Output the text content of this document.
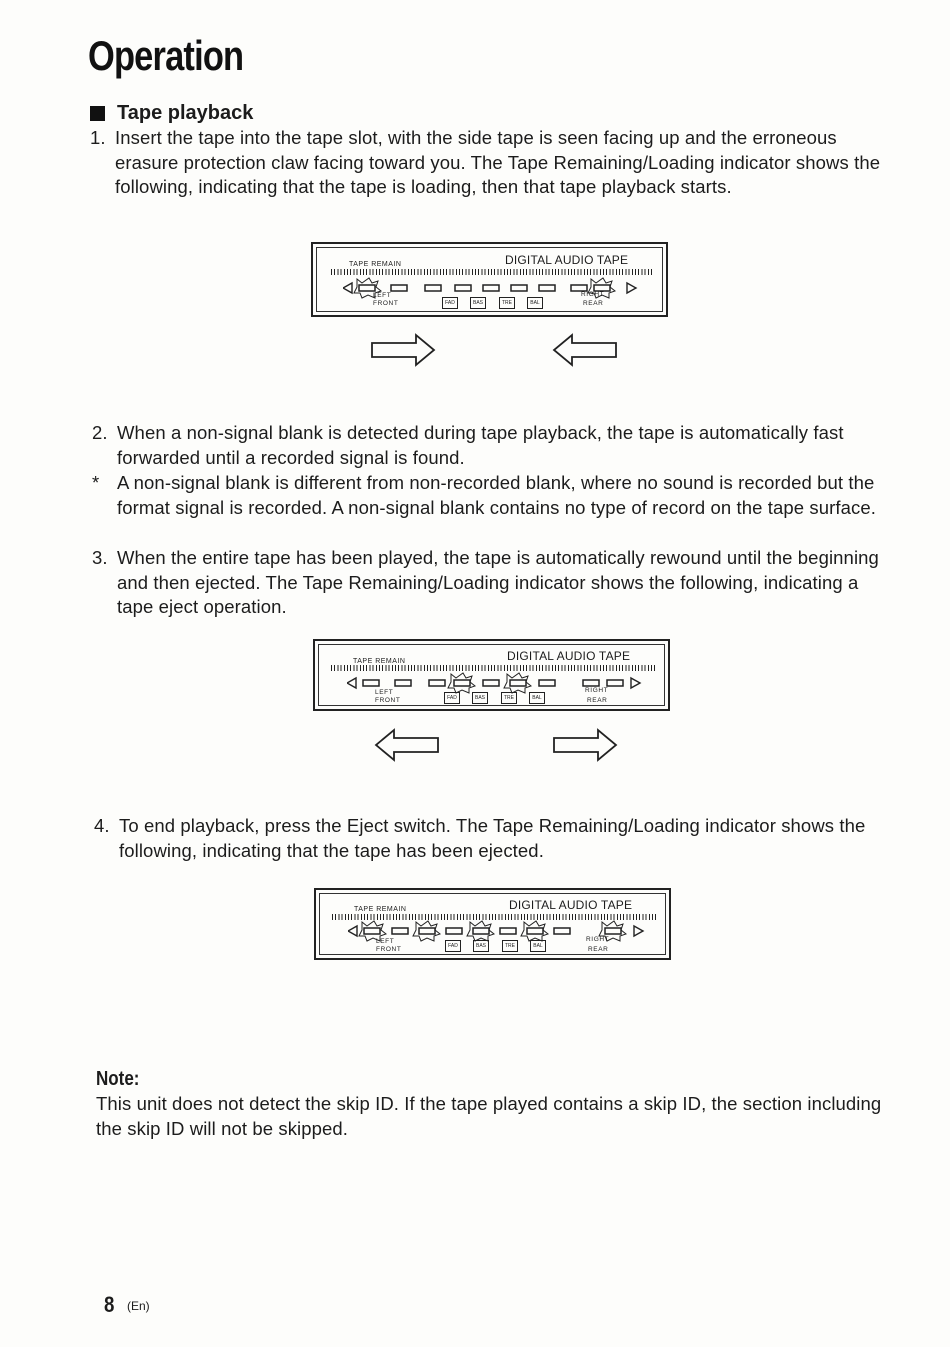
Operation
Tape playback
1. Insert the tape into the tape slot, with the side tape is seen facing up and the erroneous erasure protection claw facing toward you. The Tape Remaining/Loading indicator shows the following, indicating that the tape is loading, then that tape playback starts.
TAPE REMAIN	DIGITAL AUDIO TAPE
LEFT
FRONT	FAD	BAS	TRE	BAL
RIGHT
REAR
2. When a non-signal blank is detected during tape playback, the tape is automatically fast forwarded until a recorded signal is found.
* A non-signal blank is different from non-recorded blank, where no sound is recorded but the format signal is recorded. A non-signal blank contains no type of record on the tape surface.
3. When the entire tape has been played, the tape is automatically rewound until the beginning and then ejected. The Tape Remaining/Loading indicator shows the following, indicating a tape eject operation.
TAPE REMAIN	DIGITAL AUDIO TAPE
LEFT
FRONT	FAD	BAS	TRE	BAL
RIGHT
REAR
4. To end playback, press the Eject switch. The Tape Remaining/Loading indicator shows the following, indicating that the tape has been ejected.
TAPE REMAIN	DIGITAL AUDIO TAPE
LEFT
FRONT	FAD	BAS	TRE	BAL
RIGHT
REAR
Note:
This unit does not detect the skip ID. If the tape played contains a skip ID, the section including the skip ID will not be skipped.
8 (En)
